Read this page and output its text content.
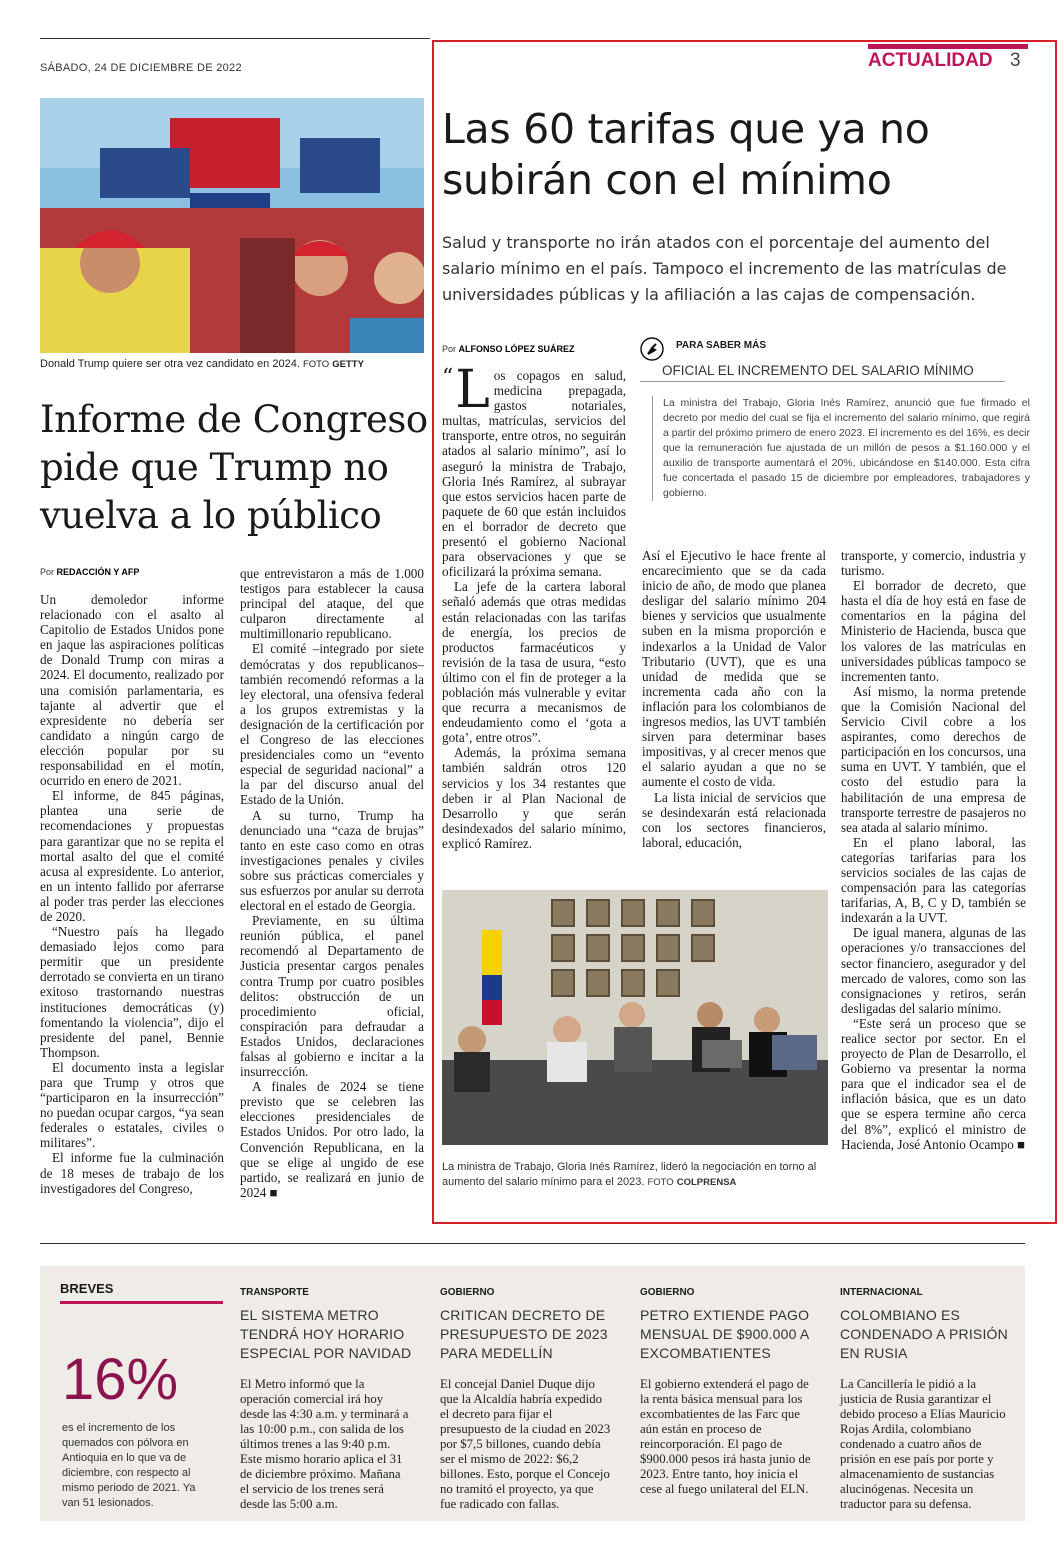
SÁBADO, 24 DE DICIEMBRE DE 2022
Donald Trump quiere ser otra vez candidato en 2024. FOTO GETTY
Informe de Congreso pide que Trump no vuelva a lo público
Por REDACCIÓN Y AFP

Un demoledor informe relacionado con el asalto al Capitolio de Estados Unidos pone en jaque las aspiraciones políticas de Donald Trump con miras a 2024. El documento, realizado por una comisión parlamentaria, es tajante al advertir que el expresidente no debería ser candidato a ningún cargo de elección popular por su responsabilidad en el motín, ocurrido en enero de 2021.

El informe, de 845 páginas, plantea una serie de recomendaciones y propuestas para garantizar que no se repita el mortal asalto del que el comité acusa al expresidente. Lo anterior, en un intento fallido por aferrarse al poder tras perder las elecciones de 2020.

“Nuestro país ha llegado demasiado lejos como para permitir que un presidente derrotado se convierta en un tirano exitoso trastornando nuestras instituciones democráticas (y) fomentando la violencia”, dijo el presidente del panel, Bennie Thompson.

El documento insta a legislar para que Trump y otros que “participaron en la insurrección” no puedan ocupar cargos, “ya sean federales o estatales, civiles o militares”.

El informe fue la culminación de 18 meses de trabajo de los investigadores del Congreso,

que entrevistaron a más de 1.000 testigos para establecer la causa principal del ataque, del que culparon directamente al multimillonario republicano.

El comité –integrado por siete demócratas y dos republicanos– también recomendó reformas a la ley electoral, una ofensiva federal a los grupos extremistas y la designación de la certificación por el Congreso de las elecciones presidenciales como un “evento especial de seguridad nacional” a la par del discurso anual del Estado de la Unión.

A su turno, Trump ha denunciado una “caza de brujas” tanto en este caso como en otras investigaciones penales y civiles sobre sus prácticas comerciales y sus esfuerzos por anular su derrota electoral en el estado de Georgia.

Previamente, en su última reunión pública, el panel recomendó al Departamento de Justicia presentar cargos penales contra Trump por cuatro posibles delitos: obstrucción de un procedimiento oficial, conspiración para defraudar a Estados Unidos, declaraciones falsas al gobierno e incitar a la insurrección.

A finales de 2024 se tiene previsto que se celebren las elecciones presidenciales de Estados Unidos. Por otro lado, la Convención Republicana, en la que se elige al ungido de ese partido, se realizará en junio de 2024 ■

ACTUALIDAD 3
Las 60 tarifas que ya no subirán con el mínimo
Salud y transporte no irán atados con el porcentaje del aumento del salario mínimo en el país. Tampoco el incremento de las matrículas de universidades públicas y la afiliación a las cajas de compensación.
Por ALFONSO LÓPEZ SUÁREZ

“ L os copagos en salud, medicina prepagada, gastos notariales, multas, matrículas, servicios del transporte, entre otros, no seguirán atados al salario mínimo”, así lo aseguró la ministra de Trabajo, Gloria Inés Ramírez, al subrayar que estos servicios hacen parte de paquete de 60 que están incluidos en el borrador de decreto que presentó el gobierno Nacional para observaciones y que se oficilizará la próxima semana.

La jefe de la cartera laboral señaló además que otras medidas están relacionadas con las tarifas de energía, los precios de productos farmacéuticos y revisión de la tasa de usura, “esto último con el fin de proteger a la población más vulnerable y evitar que recurra a mecanismos de endeudamiento como el ‘gota a gota’, entre otros”.

Además, la próxima semana también saldrán otros 120 servicios y los 34 restantes que deben ir al Plan Nacional de Desarrollo y que serán desindexados del salario mínimo, explicó Ramírez.

PARA SABER MÁS
OFICIAL EL INCREMENTO DEL SALARIO MÍNIMO
La ministra del Trabajo, Gloria Inés Ramírez, anunció que fue firmado el decreto por medio del cual se fija el incremento del salario mínimo, que regirá a partir del próximo primero de enero 2023. El incremento es del 16%, es decir que la remuneración fue ajustada de un millón de pesos a $1.160.000 y el auxilio de transporte aumentará el 20%, ubicándose en $140.000. Esta cifra fue concertada el pasado 15 de diciembre por empleadores, trabajadores y gobierno.

Así el Ejecutivo le hace frente al encarecimiento que se da cada inicio de año, de modo que planea desligar del salario mínimo 204 bienes y servicios que usualmente suben en la misma proporción e indexarlos a la Unidad de Valor Tributario (UVT), que es una unidad de medida que se incrementa cada año con la inflación para los colombianos de ingresos medios, las UVT también sirven para determinar bases impositivas, y al crecer menos que el salario ayudan a que no se aumente el costo de vida.

La lista inicial de servicios que se desindexarán está relacionada con los sectores financieros, laboral, educación,

transporte, y comercio, industria y turismo.

El borrador de decreto, que hasta el día de hoy está en fase de comentarios en la página del Ministerio de Hacienda, busca que los valores de las matrículas en universidades públicas tampoco se incrementen tanto.

Así mismo, la norma pretende que la Comisión Nacional del Servicio Civil cobre a los aspirantes, como derechos de participación en los concursos, una suma en UVT. Y también, que el costo del estudio para la habilitación de una empresa de transporte terrestre de pasajeros no sea atada al salario mínimo.

En el plano laboral, las categorías tarifarias para los servicios sociales de las cajas de compensación para las categorías tarifarias, A, B, C y D, también se indexarán a la UVT.

De igual manera, algunas de las operaciones y/o transacciones del sector financiero, asegurador y del mercado de valores, como son las consignaciones y retiros, serán desligadas del salario mínimo.

“Este será un proceso que se realice sector por sector. En el proyecto de Plan de Desarrollo, el Gobierno va presentar la norma para que el indicador sea el de inflación básica, que es un dato que se espera termine año cerca del 8%”, explicó el ministro de Hacienda, José Antonio Ocampo ■

La ministra de Trabajo, Gloria Inés Ramírez, lideró la negociación en torno al aumento del salario mínimo para el 2023. FOTO COLPRENSA
BREVES
16%
es el incremento de los quemados con pólvora en Antioquia en lo que va de diciembre, con respecto al mismo periodo de 2021. Ya van 51 lesionados.
TRANSPORTE
EL SISTEMA METRO TENDRÁ HOY HORARIO ESPECIAL POR NAVIDAD
El Metro informó que la operación comercial irá hoy desde las 4:30 a.m. y terminará a las 10:00 p.m., con salida de los últimos trenes a las 9:40 p.m. Este mismo horario aplica el 31 de diciembre próximo. Mañana el servicio de los trenes será desde las 5:00 a.m.
GOBIERNO
CRITICAN DECRETO DE PRESUPUESTO DE 2023 PARA MEDELLÍN
El concejal Daniel Duque dijo que la Alcaldía habría expedido el decreto para fijar el presupuesto de la ciudad en 2023 por $7,5 billones, cuando debía ser el mismo de 2022: $6,2 billones. Esto, porque el Concejo no tramitó el proyecto, ya que fue radicado con fallas.
GOBIERNO
PETRO EXTIENDE PAGO MENSUAL DE $900.000 A EXCOMBATIENTES
El gobierno extenderá el pago de la renta básica mensual para los excombatientes de las Farc que aún están en proceso de reincorporación. El pago de $900.000 pesos irá hasta junio de 2023. Entre tanto, hoy inicia el cese al fuego unilateral del ELN.
INTERNACIONAL
COLOMBIANO ES CONDENADO A PRISIÓN EN RUSIA
La Cancillería le pidió a la justicia de Rusia garantizar el debido proceso a Elías Mauricio Rojas Ardila, colombiano condenado a cuatro años de prisión en ese país por porte y almacenamiento de sustancias alucinógenas. Necesita un traductor para su defensa.
